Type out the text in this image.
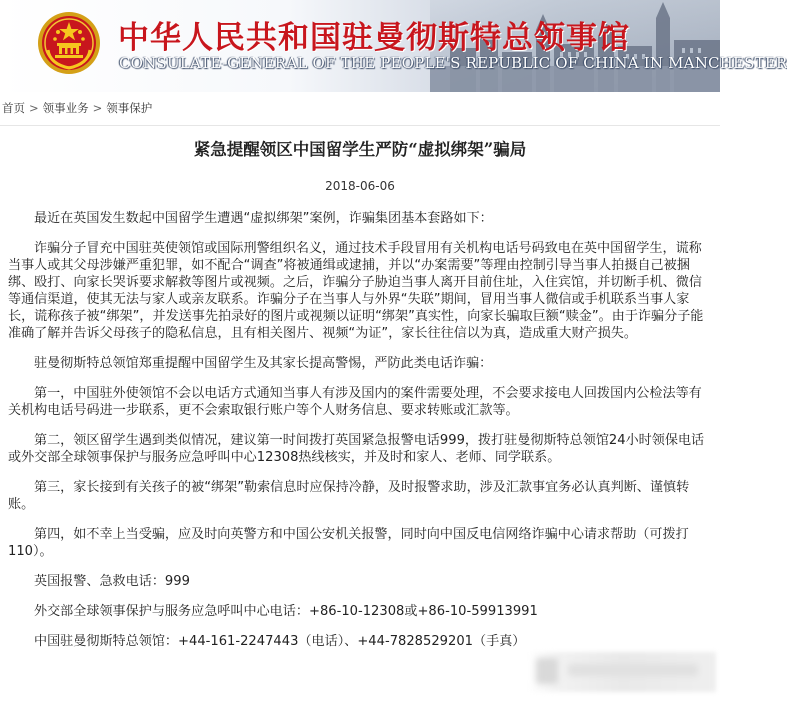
中华人民共和国驻曼彻斯特总领事馆
CONSULATE-GENERAL OF THE PEOPLE'S REPUBLIC OF CHINA IN MANCHESTER
首页 > 领事业务 > 领事保护
紧急提醒领区中国留学生严防“虚拟绑架”骗局
2018-06-06

最近在英国发生数起中国留学生遭遇“虚拟绑架”案例，诈骗集团基本套路如下：

诈骗分子冒充中国驻英使领馆或国际刑警组织名义，通过技术手段冒用有关机构电话号码致电在英中国留学生，谎称当事人或其父母涉嫌严重犯罪，如不配合“调查”将被通缉或逮捕，并以“办案需要”等理由控制引导当事人拍摄自己被捆绑、殴打、向家长哭诉要求解救等图片或视频。之后，诈骗分子胁迫当事人离开目前住址，入住宾馆，并切断手机、微信等通信渠道，使其无法与家人或亲友联系。诈骗分子在当事人与外界“失联”期间，冒用当事人微信或手机联系当事人家长，谎称孩子被“绑架”，并发送事先拍录好的图片或视频以证明“绑架”真实性，向家长骗取巨额“赎金”。由于诈骗分子能准确了解并告诉父母孩子的隐私信息，且有相关图片、视频“为证”，家长往往信以为真，造成重大财产损失。

驻曼彻斯特总领馆郑重提醒中国留学生及其家长提高警惕，严防此类电话诈骗：

第一，中国驻外使领馆不会以电话方式通知当事人有涉及国内的案件需要处理，不会要求接电人回拨国内公检法等有关机构电话号码进一步联系，更不会索取银行账户等个人财务信息、要求转账或汇款等。

第二，领区留学生遇到类似情况，建议第一时间拨打英国紧急报警电话999，拨打驻曼彻斯特总领馆24小时领保电话或外交部全球领事保护与服务应急呼叫中心12308热线核实，并及时和家人、老师、同学联系。

第三，家长接到有关孩子的被“绑架”勒索信息时应保持冷静，及时报警求助，涉及汇款事宜务必认真判断、谨慎转账。

第四，如不幸上当受骗，应及时向英警方和中国公安机关报警，同时向中国反电信网络诈骗中心请求帮助（可拨打110）。

英国报警、急救电话：999

外交部全球领事保护与服务应急呼叫中心电话：+86-10-12308或+86-10-59913991

中国驻曼彻斯特总领馆：+44-161-2247443（电话）、+44-7828529201（手真）
